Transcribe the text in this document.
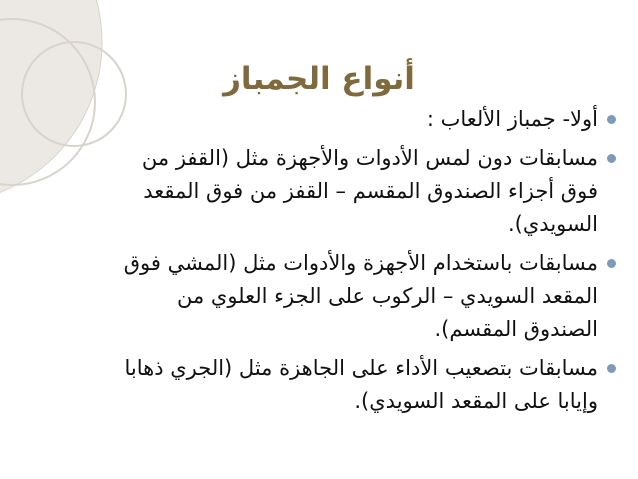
أنواع الجمباز
أولا- جمباز الألعاب :
مسابقات دون لمس الأدوات والأجهزة مثل (القفز من فوق أجزاء الصندوق المقسم – القفز من فوق المقعد السويدي).
مسابقات باستخدام الأجهزة والأدوات مثل (المشي فوق المقعد السويدي – الركوب على الجزء العلوي من الصندوق المقسم).
مسابقات بتصعيب الأداء على الجاهزة مثل (الجري ذهابا وإيابا على المقعد السويدي).
